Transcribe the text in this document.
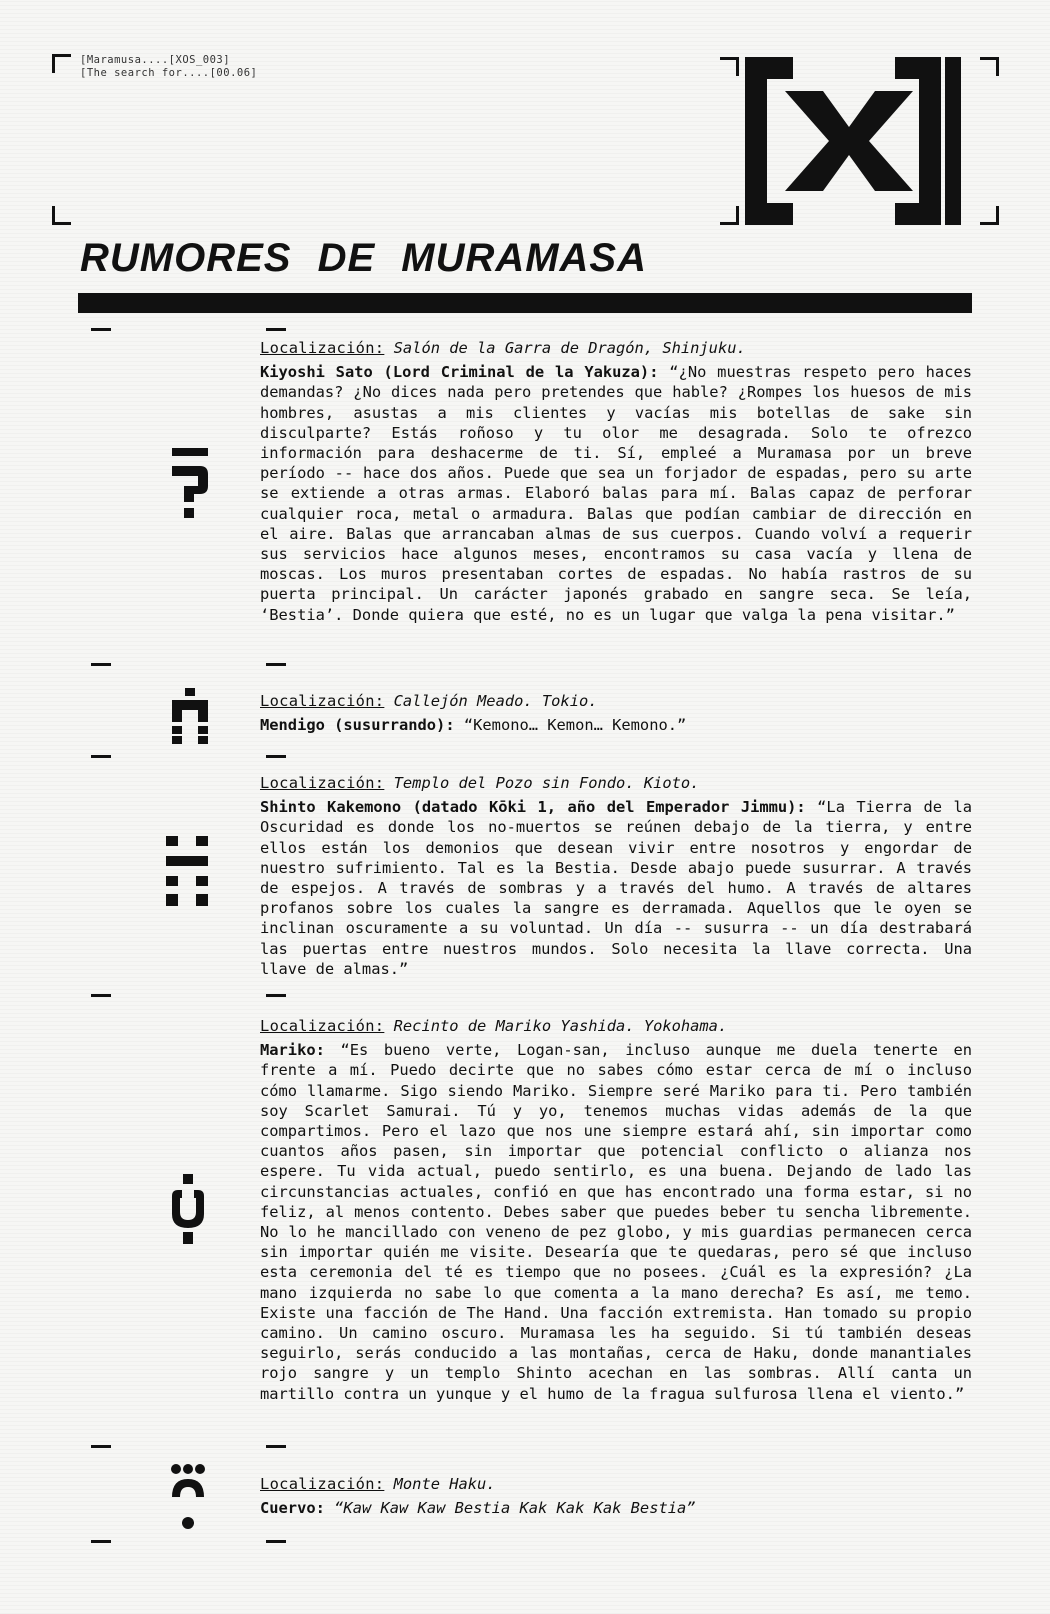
[Maramusa....[XOS_003]
[The search for....[00.06]
RUMORES DE MURAMASA

Localización: Salón de la Garra de Dragón, Shinjuku.

Kiyoshi Sato (Lord Criminal de la Yakuza): “¿No muestras respeto pero haces demandas? ¿No dices nada pero pretendes que hable? ¿Rompes los huesos de mis hombres, asustas a mis clientes y vacías mis botellas de sake sin disculparte? Estás roñoso y tu olor me desagrada. Solo te ofrezco información para deshacerme de ti. Sí, empleé a Muramasa por un breve período -- hace dos años. Puede que sea un forjador de espadas, pero su arte se extiende a otras armas. Elaboró balas para mí. Balas capaz de perforar cualquier roca, metal o armadura. Balas que podían cambiar de dirección en el aire. Balas que arrancaban almas de sus cuerpos. Cuando volví a requerir sus servicios hace algunos meses, encontramos su casa vacía y llena de moscas. Los muros presentaban cortes de espadas. No había rastros de su puerta principal. Un carácter japonés grabado en sangre seca. Se leía, ‘Bestia’. Donde quiera que esté, no es un lugar que valga la pena visitar.”

Localización: Callejón Meado. Tokio.

Mendigo (susurrando): “Kemono… Kemon… Kemono.”

Localización: Templo del Pozo sin Fondo. Kioto.

Shinto Kakemono (datado Kōki 1, año del Emperador Jimmu): “La Tierra de la Oscuridad es donde los no-muertos se reúnen debajo de la tierra, y entre ellos están los demonios que desean vivir entre nosotros y engordar de nuestro sufrimiento. Tal es la Bestia. Desde abajo puede susurrar. A través de espejos. A través de sombras y a través del humo. A través de altares profanos sobre los cuales la sangre es derramada. Aquellos que le oyen se inclinan oscuramente a su voluntad. Un día -- susurra -- un día destrabará las puertas entre nuestros mundos. Solo necesita la llave correcta. Una llave de almas.”

Localización: Recinto de Mariko Yashida. Yokohama.

Mariko: “Es bueno verte, Logan-san, incluso aunque me duela tenerte en frente a mí. Puedo decirte que no sabes cómo estar cerca de mí o incluso cómo llamarme. Sigo siendo Mariko. Siempre seré Mariko para ti. Pero también soy Scarlet Samurai. Tú y yo, tenemos muchas vidas además de la que compartimos. Pero el lazo que nos une siempre estará ahí, sin importar como cuantos años pasen, sin importar que potencial conflicto o alianza nos espere. Tu vida actual, puedo sentirlo, es una buena. Dejando de lado las circunstancias actuales, confió en que has encontrado una forma estar, si no feliz, al menos contento. Debes saber que puedes beber tu sencha libremente. No lo he mancillado con veneno de pez globo, y mis guardias permanecen cerca sin importar quién me visite. Desearía que te quedaras, pero sé que incluso esta ceremonia del té es tiempo que no posees. ¿Cuál es la expresión? ¿La mano izquierda no sabe lo que comenta a la mano derecha? Es así, me temo. Existe una facción de The Hand. Una facción extremista. Han tomado su propio camino. Un camino oscuro. Muramasa les ha seguido. Si tú también deseas seguirlo, serás conducido a las montañas, cerca de Haku, donde manantiales rojo sangre y un templo Shinto acechan en las sombras. Allí canta un martillo contra un yunque y el humo de la fragua sulfurosa llena el viento.”

Localización: Monte Haku.

Cuervo: “Kaw Kaw Kaw Bestia Kak Kak Kak Bestia”
